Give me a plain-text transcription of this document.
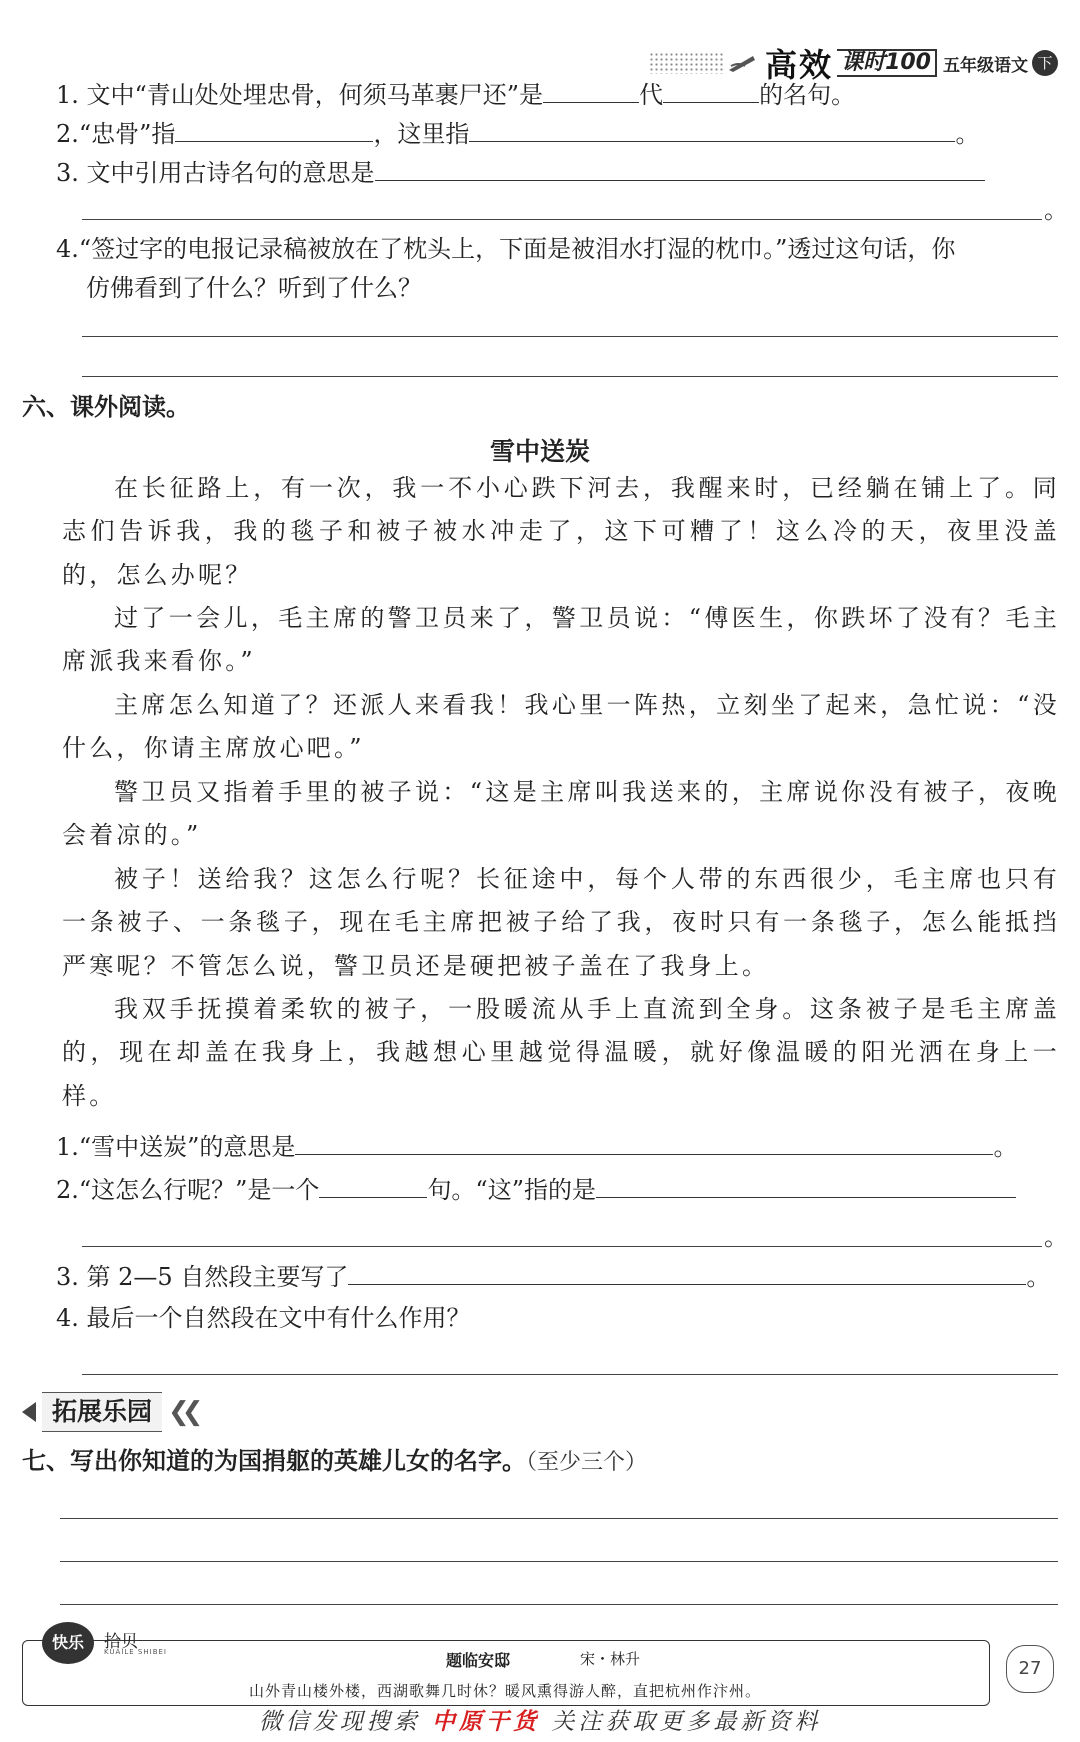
高效 课时100 五年级语文 下
1. 文中“青山处处埋忠骨，何须马革裹尸还”是	代	的名句。
2.“忠骨”指	，这里指	。
3. 文中引用古诗名句的意思是
。
4.“签过字的电报记录稿被放在了枕头上，下面是被泪水打湿的枕巾。”透过这句话，你
仿佛看到了什么？听到了什么？
六、课外阅读。
雪中送炭
在长征路上，有一次，我一不小心跌下河去，我醒来时，已经躺在铺上了。同志们告诉我，我的毯子和被子被水冲走了，这下可糟了！这么冷的天，夜里没盖的，怎么办呢？
过了一会儿，毛主席的警卫员来了，警卫员说：“傅医生，你跌坏了没有？毛主席派我来看你。”
主席怎么知道了？还派人来看我！我心里一阵热，立刻坐了起来，急忙说：“没什么，你请主席放心吧。”
警卫员又指着手里的被子说：“这是主席叫我送来的，主席说你没有被子，夜晚会着凉的。”
被子！送给我？这怎么行呢？长征途中，每个人带的东西很少，毛主席也只有一条被子、一条毯子，现在毛主席把被子给了我，夜时只有一条毯子，怎么能抵挡严寒呢？不管怎么说，警卫员还是硬把被子盖在了我身上。
我双手抚摸着柔软的被子，一股暖流从手上直流到全身。这条被子是毛主席盖的，现在却盖在我身上，我越想心里越觉得温暖，就好像温暖的阳光洒在身上一样。
1.“雪中送炭”的意思是	。
2.“这怎么行呢？”是一个	句。“这”指的是
。
3. 第 2—5 自然段主要写了	。
4. 最后一个自然段在文中有什么作用？
拓展乐园 ❮❮
七、写出你知道的为国捐躯的英雄儿女的名字。（至少三个）
快乐	拾贝
KUAILE SHIBEI	题临安邸	宋・林升
山外青山楼外楼，西湖歌舞几时休？暖风熏得游人醉，直把杭州作汴州。
27
微信发现搜索 中原干货 关注获取更多最新资料
